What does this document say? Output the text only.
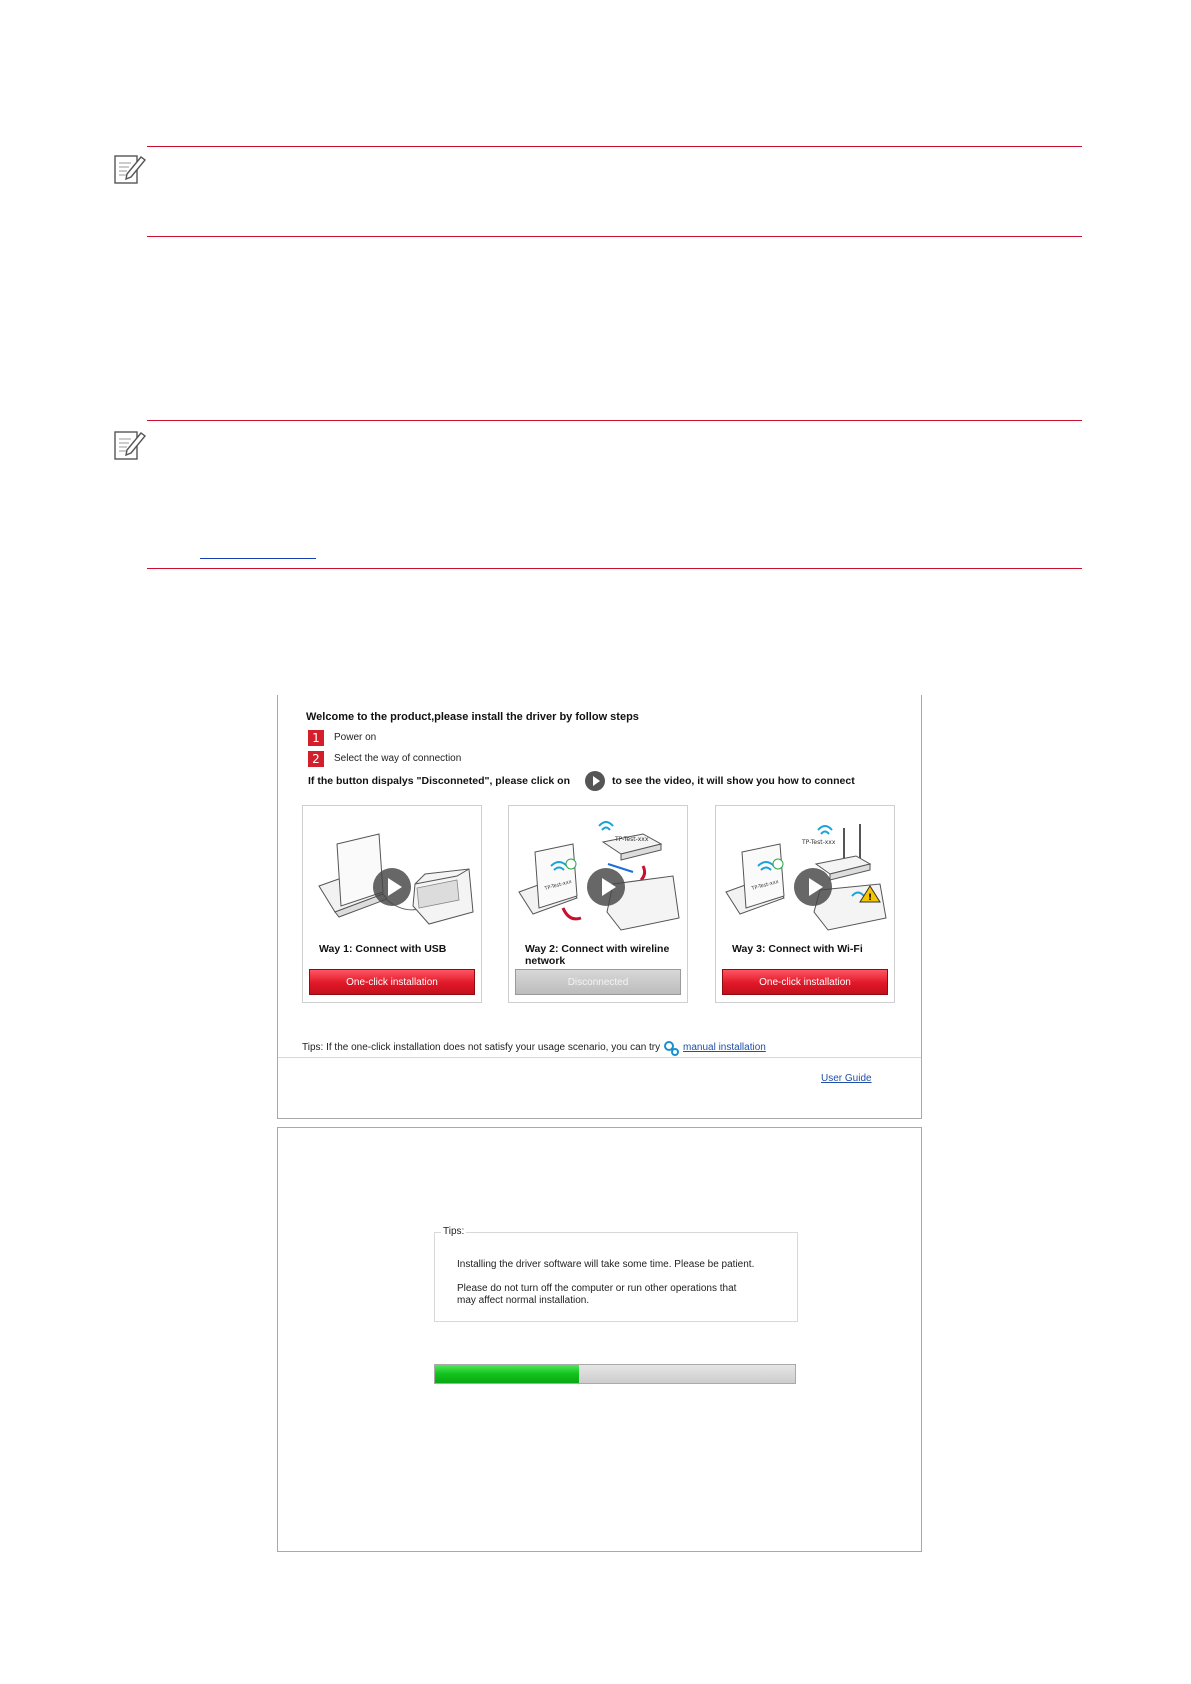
Welcome to the product,please install the driver by follow steps
1	Power on
2	Select the way of connection
If the button dispalys "Disconneted", please click on	to see the video, it will show you how to connect
Way 1: Connect with USB
One-click installation
TP-Test-xxx
TP-Test-xxx
Way 2: Connect with wireline network
Disconnected
!
TP-Test-xxx
TP-Test-xxx
Way 3: Connect with Wi-Fi
One-click installation
Tips: If the one-click installation does not satisfy your usage scenario, you can try manual installation
User Guide
Tips:
Installing the driver software will take some time. Please be patient.
Please do not turn off the computer or run other operations that may affect normal installation.
